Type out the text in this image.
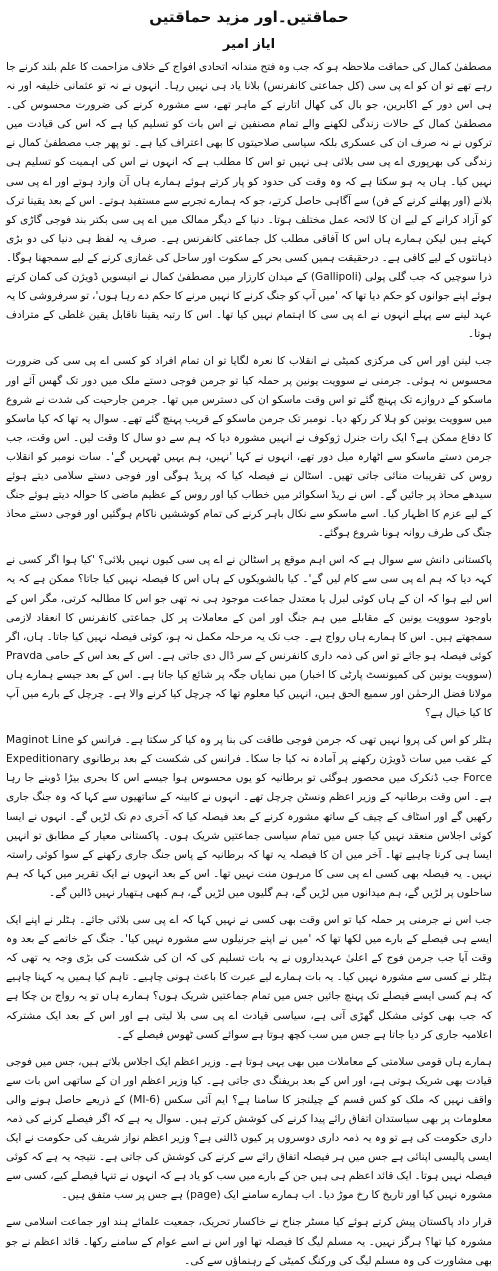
حماقتیں۔اور مزید حماقتیں
ایاز امیر
مصطفیٰ کمال کی حماقت ملاحظہ ہو کہ جب وہ فتح مندانہ اتحادی افواج کے خلاف مزاحمت کا علم بلند کرنے جا رہے تھے تو ان کو اے پی سی (کل جماعتی کانفرنس) بلانا یاد ہی نہیں رہا۔ انہوں نے نہ تو عثمانی خلیفہ اور نہ ہی اس دور کے اکابرین، جو بال کی کھال اتارنے کے ماہر تھے، سے مشورہ کرنے کی ضرورت محسوس کی۔ مصطفیٰ کمال کے حالات زندگی لکھنے والے تمام مصنفین نے اس بات کو تسلیم کیا ہے کہ اس کی قیادت میں ترکوں نے نہ صرف ان کی عسکری بلکہ سیاسی صلاحیتوں کا بھی اعتراف کیا ہے۔ تو پھر جب مصطفیٰ کمال نے زندگی کی بھرپوری اے پی سی بلائی ہی نہیں تو اس کا مطلب ہے کہ انہوں نے اس کی اہمیت کو تسلیم ہی نہیں کیا۔ ہاں یہ ہو سکتا ہے کہ وہ وقت کی حدود کو پار کرتے ہوئے ہمارے ہاں آن وارد ہوتے اور اے پی سی بلانے (اور پھلنے کرنے کے فن) سے آگاہی حاصل کرتے، جو کہ ہمارے تجربے سے مستفید ہوتے۔ اس کے بعد یقینا ترک کو آزاد کرانے کے لیے ان کا لائحہ عمل مختلف ہوتا۔ دنیا کے دیگر ممالک میں اے پی سی بکتر بند فوجی گاڑی کو کہتے ہیں لیکن ہمارے ہاں اس کا آفاقی مطلب کل جماعتی کانفرنس ہے۔ صرف یہ لفظ ہی دنیا کی دو بڑی ذہانتوں کے لیے کافی ہے۔ درحقیقت ہمیں کسی بحر کے سکوت اور ساحل کی غمازی کرنے کے لیے سمجھنا ہوگا۔ ذرا سوچیں کہ جب گلی پولی (Gallipoli) کے میدان کارزار میں مصطفیٰ کمال نے انیسویں ڈویژن کی کمان کرتے ہوئے اپنے جوانوں کو حکم دیا تھا کہ 'میں آپ کو جنگ کرنے کا نہیں مرنے کا حکم دے رہا ہوں'، تو سرفروشی کا یہ عہد لینے سے پہلے انہوں نے اے پی سی کا اہتمام نہیں کیا تھا۔ اس کا رتبہ یقینا ناقابل یقین غلطی کے مترادف ہوتا۔
جب لینن اور اس کی مرکزی کمیٹی نے انقلاب کا نعرہ لگایا تو ان تمام افراد کو کسی اے پی سی کی ضرورت محسوس نہ ہوئی۔ جرمنی نے سوویت یونین پر حملہ کیا تو جرمن فوجی دستے ملک میں دور تک گھس آئے اور ماسکو کے دروازے تک پہنچ گئے تو اس وقت ماسکو ان کی دسترس میں تھا۔ جرمن جارحیت کی شدت نے شروع میں سوویت یونین کو ہلا کر رکھ دیا۔ نومبر تک جرمن ماسکو کے قریب پہنچ گئے تھے۔ سوال یہ تھا کہ کیا ماسکو کا دفاع ممکن ہے؟ ایک رات جنرل ژوکوف نے انہیں مشورہ دیا کہ ہم سے دو سال کا وقت لیں۔ اس وقت، جب جرمن دستے ماسکو سے اٹھارہ میل دور تھے، انہوں نے کہا 'نہیں، ہم یہیں ٹھہریں گے'۔ سات نومبر کو انقلاب روس کی تقریبات منائی جاتی تھیں۔ اسٹالن نے فیصلہ کیا کہ پریڈ ہوگی اور فوجی دستے سلامی دیتے ہوئے سیدھے محاذ پر جائیں گے۔ اس نے ریڈ اسکوائر میں خطاب کیا اور روس کے عظیم ماضی کا حوالہ دیتے ہوئے جنگ کے لیے عزم کا اظہار کیا۔ اسے ماسکو سے نکال باہر کرنے کی تمام کوششیں ناکام ہوگئیں اور فوجی دستے محاذ جنگ کی طرف روانہ ہونا شروع ہوگئے۔
پاکستانی دانش سے سوال ہے کہ اس اہم موقع پر اسٹالن نے اے پی سی کیوں نہیں بلائی؟ 'کیا ہوا اگر کسی نے کہہ دیا کہ ہم اے پی سی سے کام لیں گے'۔ کیا بالشویکوں کے ہاں اس کا فیصلہ نہیں کیا جاتا؟ ممکن ہے کہ یہ اس لیے ہوا کہ ان کے ہاں کوئی لبرل یا معتدل جماعت موجود ہی نہ تھی جو اس کا مطالبہ کرتی، مگر اس کے باوجود سوویت یونین کے مقابلے میں ہم جنگ اور امن کے معاملات پر کل جماعتی کانفرنس کا انعقاد لازمی سمجھتے ہیں۔ اس کا ہمارے ہاں رواج ہے۔ جب تک یہ مرحلہ مکمل نہ ہو، کوئی فیصلہ نہیں کیا جاتا۔ ہاں، اگر کوئی فیصلہ ہو جائے تو اس کی ذمہ داری کانفرنس کے سر ڈال دی جاتی ہے۔ اس کے بعد اس کے حامی Pravda (سوویت یونین کی کمیونسٹ پارٹی کا اخبار) میں نمایاں جگہ پر شائع کیا جاتا ہے۔ اس کے بعد جیسے ہمارے ہاں مولانا فضل الرحمٰن اور سمیع الحق ہیں، انہیں کیا معلوم تھا کہ چرچل کیا کرنے والا ہے۔ چرچل کے بارے میں آپ کا کیا خیال ہے؟
ہٹلر کو اس کی پروا نہیں تھی کہ جرمن فوجی طاقت کی بنا پر وہ کیا کر سکتا ہے۔ فرانس کو Maginot Line کے عقب میں سات ڈویژن رکھنے پر آمادہ نہ کیا جا سکا۔ فرانس کی شکست کے بعد برطانوی Expeditionary Force جب ڈنکرک میں محصور ہوگئی تو برطانیہ کو یوں محسوس ہوا جیسے اس کا بحری بیڑا ڈوبنے جا رہا ہے۔ اس وقت برطانیہ کے وزیر اعظم ونسٹن چرچل تھے۔ انہوں نے کابینہ کے ساتھیوں سے کہا کہ وہ جنگ جاری رکھیں گے اور اسٹاف کے چیف کے ساتھ مشورہ کرنے کے بعد فیصلہ کیا کہ آخری دم تک لڑیں گے۔ انہوں نے ایسا کوئی اجلاس منعقد نہیں کیا جس میں تمام سیاسی جماعتیں شریک ہوں۔ پاکستانی معیار کے مطابق تو انہیں ایسا ہی کرنا چاہیے تھا۔ آخر میں ان کا فیصلہ یہ تھا کہ برطانیہ کے پاس جنگ جاری رکھنے کے سوا کوئی راستہ نہیں۔ یہ فیصلہ بھی کسی اے پی سی کا مرہون منت نہیں تھا۔ اس کے بعد انہوں نے ایک تقریر میں کہا کہ ہم ساحلوں پر لڑیں گے، ہم میدانوں میں لڑیں گے، ہم گلیوں میں لڑیں گے، ہم کبھی ہتھیار نہیں ڈالیں گے۔
جب اس نے جرمنی پر حملہ کیا تو اس وقت بھی کسی نے نہیں کہا کہ اے پی سی بلائی جائے۔ ہٹلر نے اپنے ایک ایسے ہی فیصلے کے بارے میں لکھا تھا کہ 'میں نے اپنے جرنیلوں سے مشورہ نہیں کیا'۔ جنگ کے خاتمے کے بعد وہ وقت آیا جب جرمن فوج کے اعلیٰ عہدیداروں نے یہ بات تسلیم کی کہ ان کی شکست کی بڑی وجہ یہ تھی کہ ہٹلر نے کسی سے مشورہ نہیں کیا۔ یہ بات ہمارے لیے عبرت کا باعث ہونی چاہیے۔ تاہم کیا ہمیں یہ کہنا چاہیے کہ ہم کسی ایسے فیصلے تک پہنچ جائیں جس میں تمام جماعتیں شریک ہوں؟ ہمارے ہاں تو یہ رواج بن چکا ہے کہ جب بھی کوئی مشکل گھڑی آتی ہے، سیاسی قیادت اے پی سی بلا لیتی ہے اور اس کے بعد ایک مشترکہ اعلامیہ جاری کر دیا جاتا ہے جس میں سب کچھ ہوتا ہے سوائے کسی ٹھوس فیصلے کے۔
ہمارے ہاں قومی سلامتی کے معاملات میں بھی یہی ہوتا ہے۔ وزیر اعظم ایک اجلاس بلاتے ہیں، جس میں فوجی قیادت بھی شریک ہوتی ہے، اور اس کے بعد بریفنگ دی جاتی ہے۔ کیا وزیر اعظم اور ان کے ساتھی اس بات سے واقف نہیں کہ ملک کو کس قسم کے چیلنجز کا سامنا ہے؟ ایم آئی سکس (MI-6) کے ذریعے حاصل ہونے والی معلومات پر بھی سیاستدان اتفاق رائے پیدا کرنے کی کوشش کرتے ہیں۔ سوال یہ ہے کہ اگر فیصلے کرنے کی ذمہ داری حکومت کی ہے تو وہ یہ ذمہ داری دوسروں پر کیوں ڈالتی ہے؟ وزیر اعظم نواز شریف کی حکومت نے ایک ایسی پالیسی اپنائی ہے جس میں ہر فیصلہ اتفاق رائے سے کرنے کی کوشش کی جاتی ہے۔ نتیجہ یہ ہے کہ کوئی فیصلہ نہیں ہوتا۔ ایک قائد اعظم ہی ہیں جن کے بارے میں سب کو یاد ہے کہ انہوں نے تنہا فیصلے کیے، کسی سے مشورہ نہیں کیا اور تاریخ کا رخ موڑ دیا۔ اب ہمارے سامنے ایک (page) ہے جس پر سب متفق ہیں۔
قرار داد پاکستان پیش کرتے ہوئے کیا مسٹر جناح نے خاکسار تحریک، جمعیت علمائے ہند اور جماعت اسلامی سے مشورہ کیا تھا؟ ہرگز نہیں۔ یہ مسلم لیگ کا فیصلہ تھا اور اس نے اسے عوام کے سامنے رکھا۔ قائد اعظم نے جو بھی مشاورت کی وہ مسلم لیگ کی ورکنگ کمیٹی کے رہنماؤں سے کی۔
